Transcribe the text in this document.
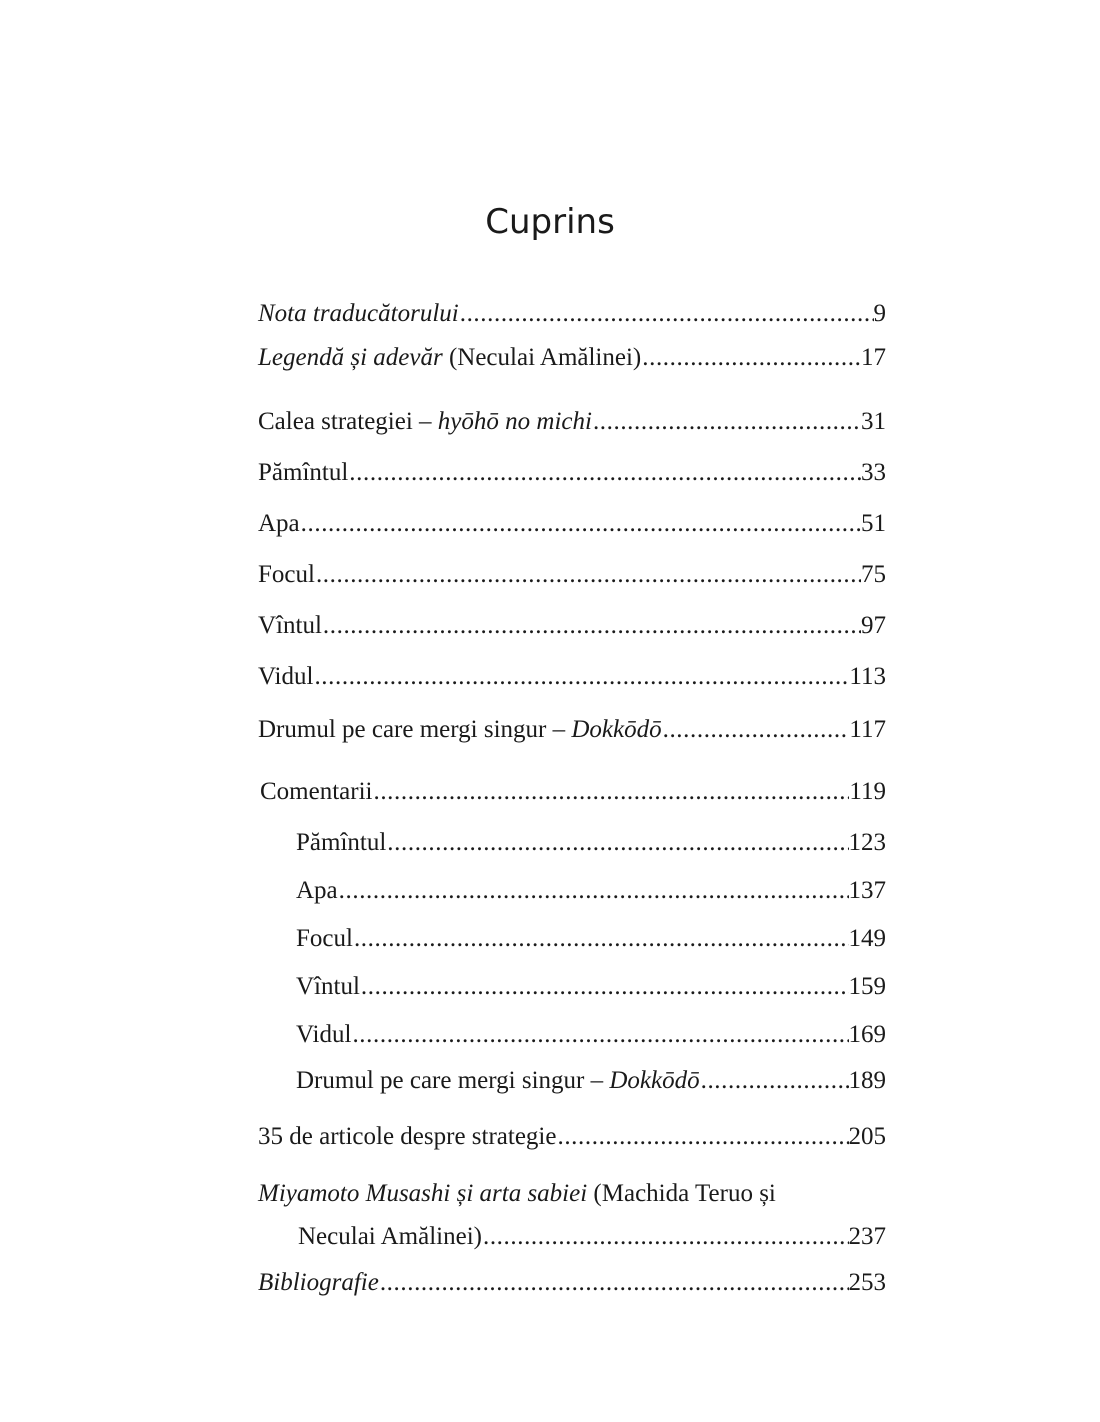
Cuprins
Nota traducătorului .....	9
Legendă și adevăr (Neculai Amălinei) .....	17
Calea strategiei – hyōhō no michi .....	31
Pămîntul .....	33
Apa .....	51
Focul .....	75
Vîntul .....	97
Vidul .....	113
Drumul pe care mergi singur – Dokkōdō .....	117
Comentarii .....	119
Pămîntul .....	123
Apa .....	137
Focul .....	149
Vîntul .....	159
Vidul .....	169
Drumul pe care mergi singur – Dokkōdō .....	189
35 de articole despre strategie .....	205
Miyamoto Musashi și arta sabiei (Machida Teruo și
Neculai Amălinei) .....	237
Bibliografie .....	253
